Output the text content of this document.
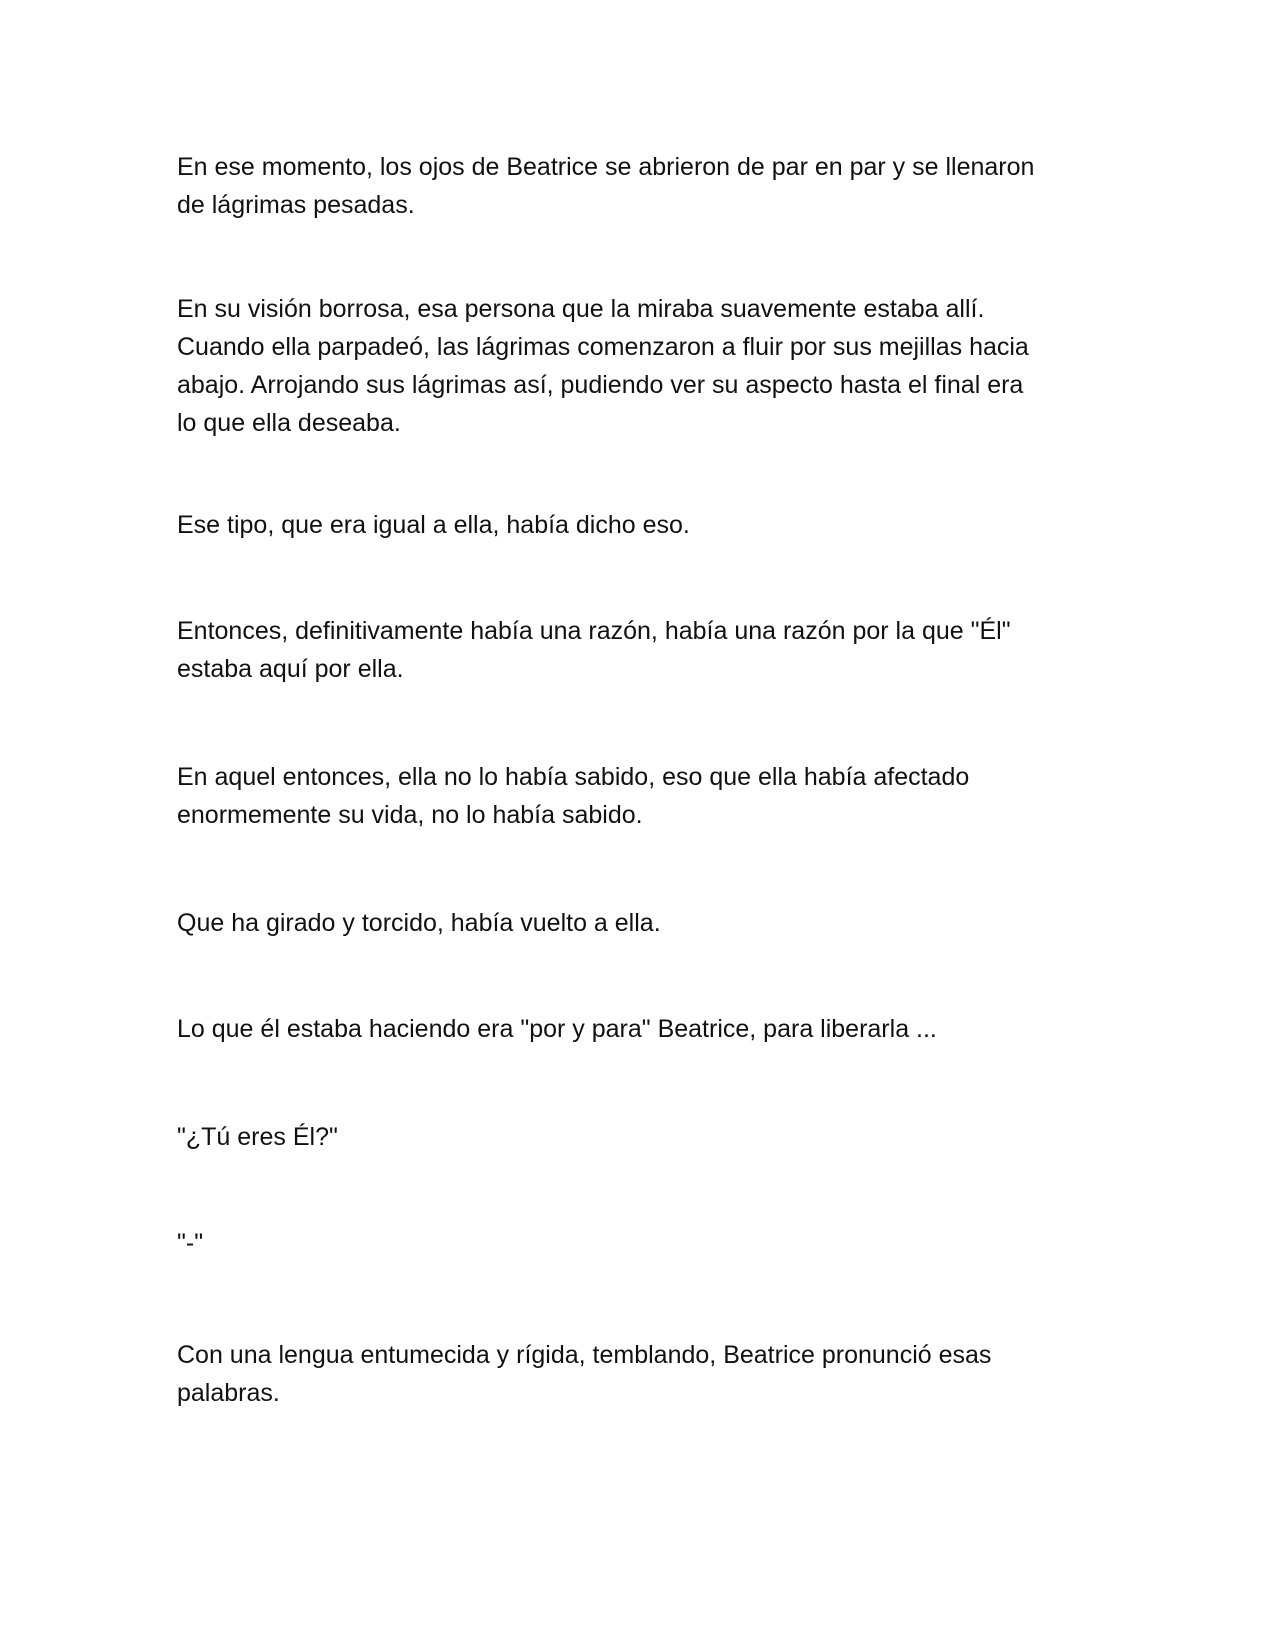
En ese momento, los ojos de Beatrice se abrieron de par en par y se llenaron
de lágrimas pesadas.

En su visión borrosa, esa persona que la miraba suavemente estaba allí.
Cuando ella parpadeó, las lágrimas comenzaron a fluir por sus mejillas hacia
abajo. Arrojando sus lágrimas así, pudiendo ver su aspecto hasta el final era
lo que ella deseaba.

Ese tipo, que era igual a ella, había dicho eso.

Entonces, definitivamente había una razón, había una razón por la que "Él"
estaba aquí por ella.

En aquel entonces, ella no lo había sabido, eso que ella había afectado
enormemente su vida, no lo había sabido.

Que ha girado y torcido, había vuelto a ella.

Lo que él estaba haciendo era "por y para" Beatrice, para liberarla ...

"¿Tú eres Él?"

"-"

Con una lengua entumecida y rígida, temblando, Beatrice pronunció esas
palabras.
